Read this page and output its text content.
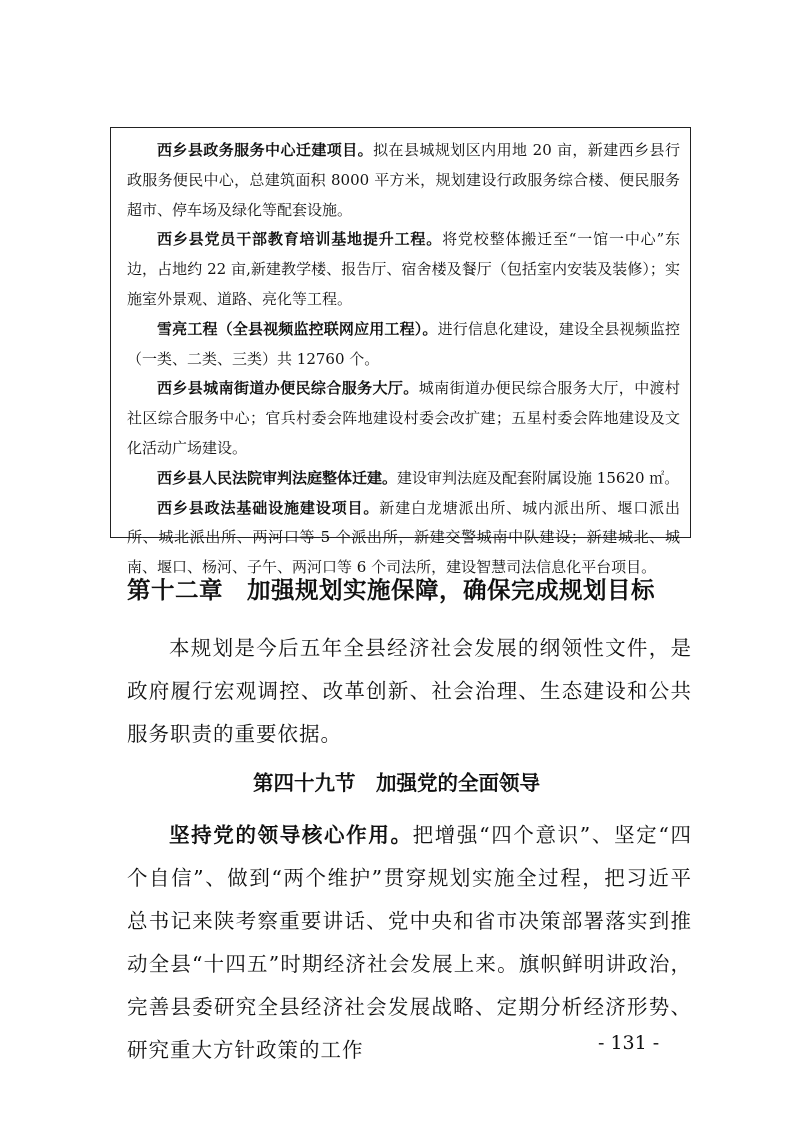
西乡县政务服务中心迁建项目。拟在县城规划区内用地 20 亩，新建西乡县行政服务便民中心，总建筑面积 8000 平方米，规划建设行政服务综合楼、便民服务超市、停车场及绿化等配套设施。

西乡县党员干部教育培训基地提升工程。将党校整体搬迁至“一馆一中心”东边，占地约 22 亩,新建教学楼、报告厅、宿舍楼及餐厅（包括室内安装及装修）；实施室外景观、道路、亮化等工程。

雪亮工程（全县视频监控联网应用工程）。进行信息化建设，建设全县视频监控（一类、二类、三类）共 12760 个。

西乡县城南街道办便民综合服务大厅。城南街道办便民综合服务大厅，中渡村社区综合服务中心；官兵村委会阵地建设村委会改扩建；五星村委会阵地建设及文化活动广场建设。

西乡县人民法院审判法庭整体迁建。建设审判法庭及配套附属设施 15620 ㎡。

西乡县政法基础设施建设项目。新建白龙塘派出所、城内派出所、堰口派出所、城北派出所、两河口等 5 个派出所，新建交警城南中队建设；新建城北、城南、堰口、杨河、子午、两河口等 6 个司法所，建设智慧司法信息化平台项目。

第十二章　加强规划实施保障，确保完成规划目标

本规划是今后五年全县经济社会发展的纲领性文件，是政府履行宏观调控、改革创新、社会治理、生态建设和公共服务职责的重要依据。

第四十九节　加强党的全面领导

坚持党的领导核心作用。把增强“四个意识”、坚定“四个自信”、做到“两个维护”贯穿规划实施全过程，把习近平总书记来陕考察重要讲话、党中央和省市决策部署落实到推动全县“十四五”时期经济社会发展上来。旗帜鲜明讲政治，完善县委研究全县经济社会发展战略、定期分析经济形势、研究重大方针政策的工作	- 131 -
